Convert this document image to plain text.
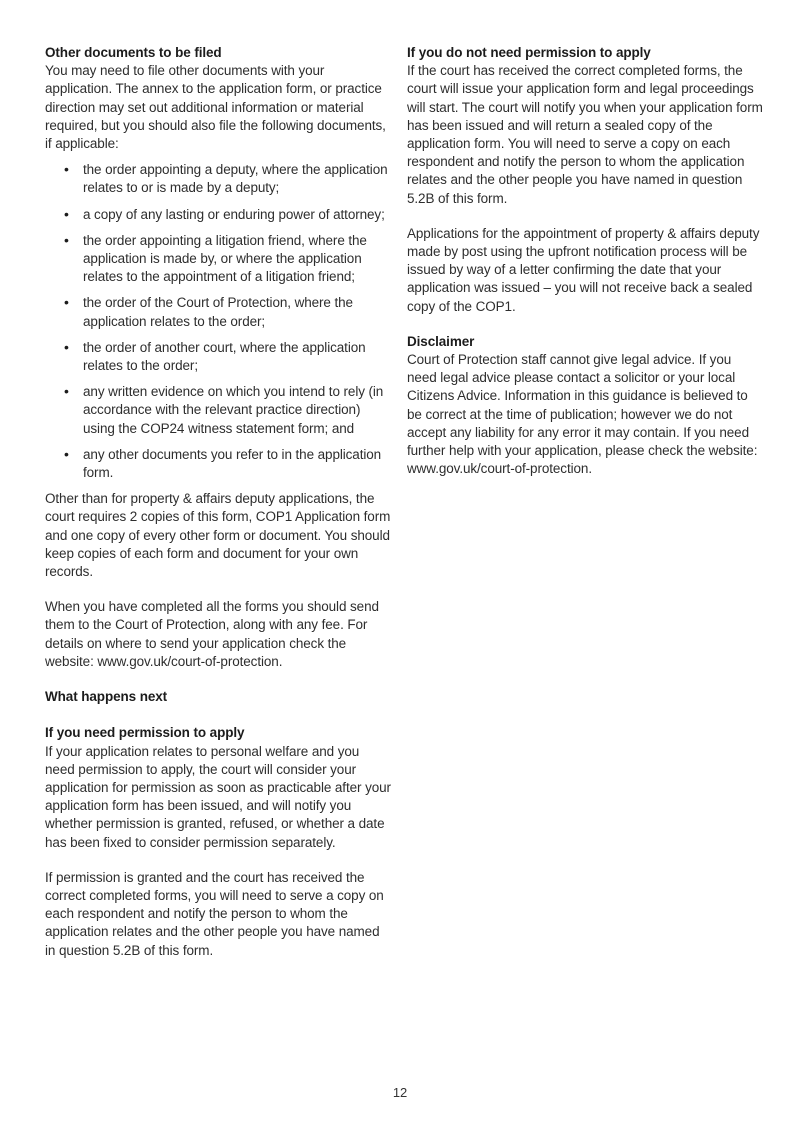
Other documents to be filed

You may need to file other documents with your application. The annex to the application form, or practice direction may set out additional information or material required, but you should also file the following documents, if applicable:

• the order appointing a deputy, where the application relates to or is made by a deputy;
• a copy of any lasting or enduring power of attorney;
• the order appointing a litigation friend, where the application is made by, or where the application relates to the appointment of a litigation friend;
• the order of the Court of Protection, where the application relates to the order;
• the order of another court, where the application relates to the order;
• any written evidence on which you intend to rely (in accordance with the relevant practice direction) using the COP24 witness statement form; and
• any other documents you refer to in the application form.

Other than for property & affairs deputy applications, the court requires 2 copies of this form, COP1 Application form and one copy of every other form or document. You should keep copies of each form and document for your own records.

When you have completed all the forms you should send them to the Court of Protection, along with any fee. For details on where to send your application check the website: www.gov.uk/court-of-protection.

What happens next
If you need permission to apply

If your application relates to personal welfare and you need permission to apply, the court will consider your application for permission as soon as practicable after your application form has been issued, and will notify you whether permission is granted, refused, or whether a date has been fixed to consider permission separately.

If permission is granted and the court has received the correct completed forms, you will need to serve a copy on each respondent and notify the person to whom the application relates and the other people you have named in question 5.2B of this form.

If you do not need permission to apply

If the court has received the correct completed forms, the court will issue your application form and legal proceedings will start. The court will notify you when your application form has been issued and will return a sealed copy of the application form. You will need to serve a copy on each respondent and notify the person to whom the application relates and the other people you have named in question 5.2B of this form.

Applications for the appointment of property & affairs deputy made by post using the upfront notification process will be issued by way of a letter confirming the date that your application was issued – you will not receive back a sealed copy of the COP1.

Disclaimer

Court of Protection staff cannot give legal advice. If you need legal advice please contact a solicitor or your local Citizens Advice. Information in this guidance is believed to be correct at the time of publication; however we do not accept any liability for any error it may contain. If you need further help with your application, please check the website: www.gov.uk/court-of-protection.

12
